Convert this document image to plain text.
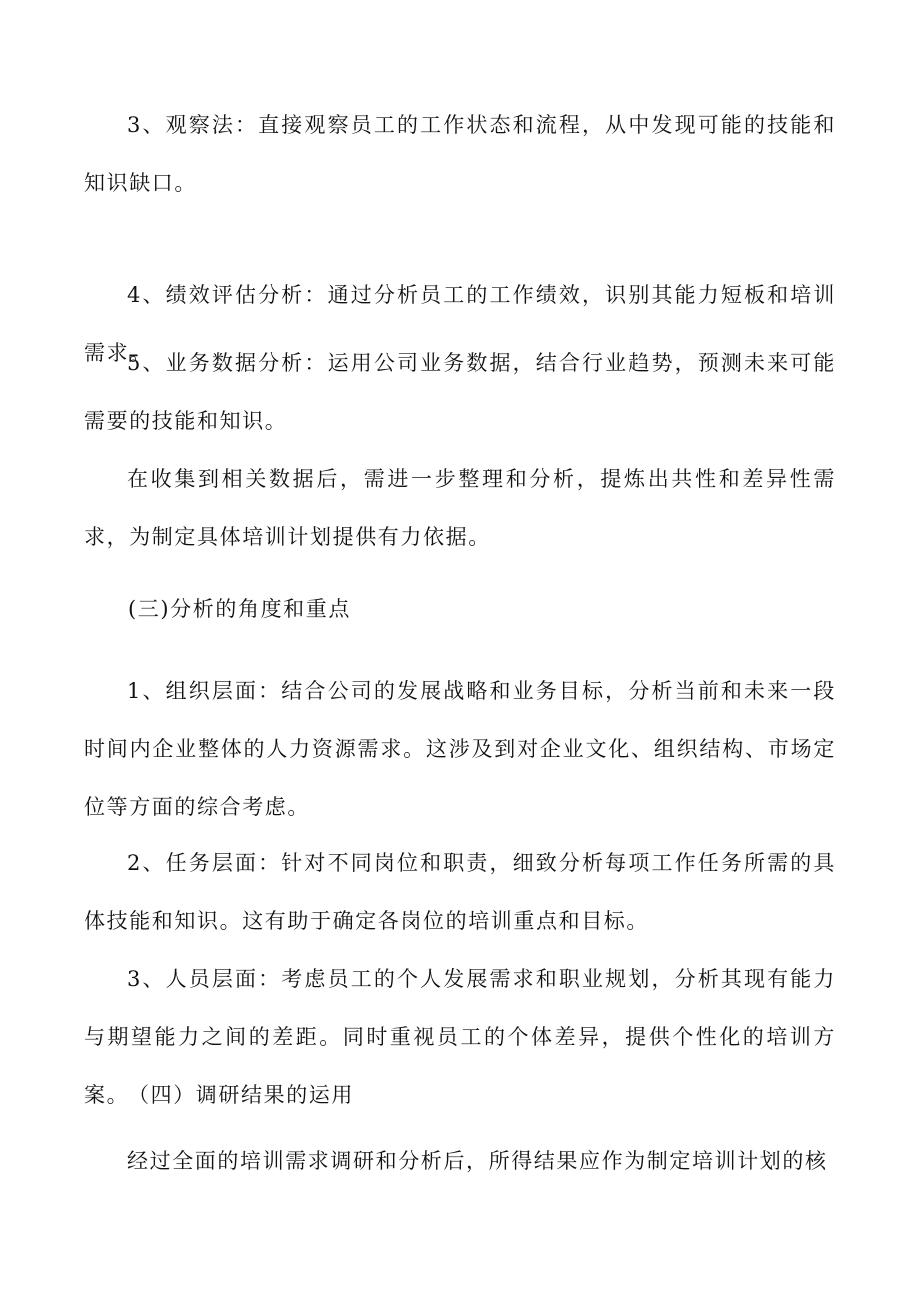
3、观察法：直接观察员工的工作状态和流程，从中发现可能的技能和知识缺口。

4、绩效评估分析：通过分析员工的工作绩效，识别其能力短板和培训需求。

5、业务数据分析：运用公司业务数据，结合行业趋势，预测未来可能需要的技能和知识。

在收集到相关数据后，需进一步整理和分析，提炼出共性和差异性需求，为制定具体培训计划提供有力依据。

(三)分析的角度和重点

1、组织层面：结合公司的发展战略和业务目标，分析当前和未来一段时间内企业整体的人力资源需求。这涉及到对企业文化、组织结构、市场定位等方面的综合考虑。

2、任务层面：针对不同岗位和职责，细致分析每项工作任务所需的具体技能和知识。这有助于确定各岗位的培训重点和目标。

3、人员层面：考虑员工的个人发展需求和职业规划，分析其现有能力与期望能力之间的差距。同时重视员工的个体差异，提供个性化的培训方案。

（四）调研结果的运用

经过全面的培训需求调研和分析后，所得结果应作为制定培训计划的核
